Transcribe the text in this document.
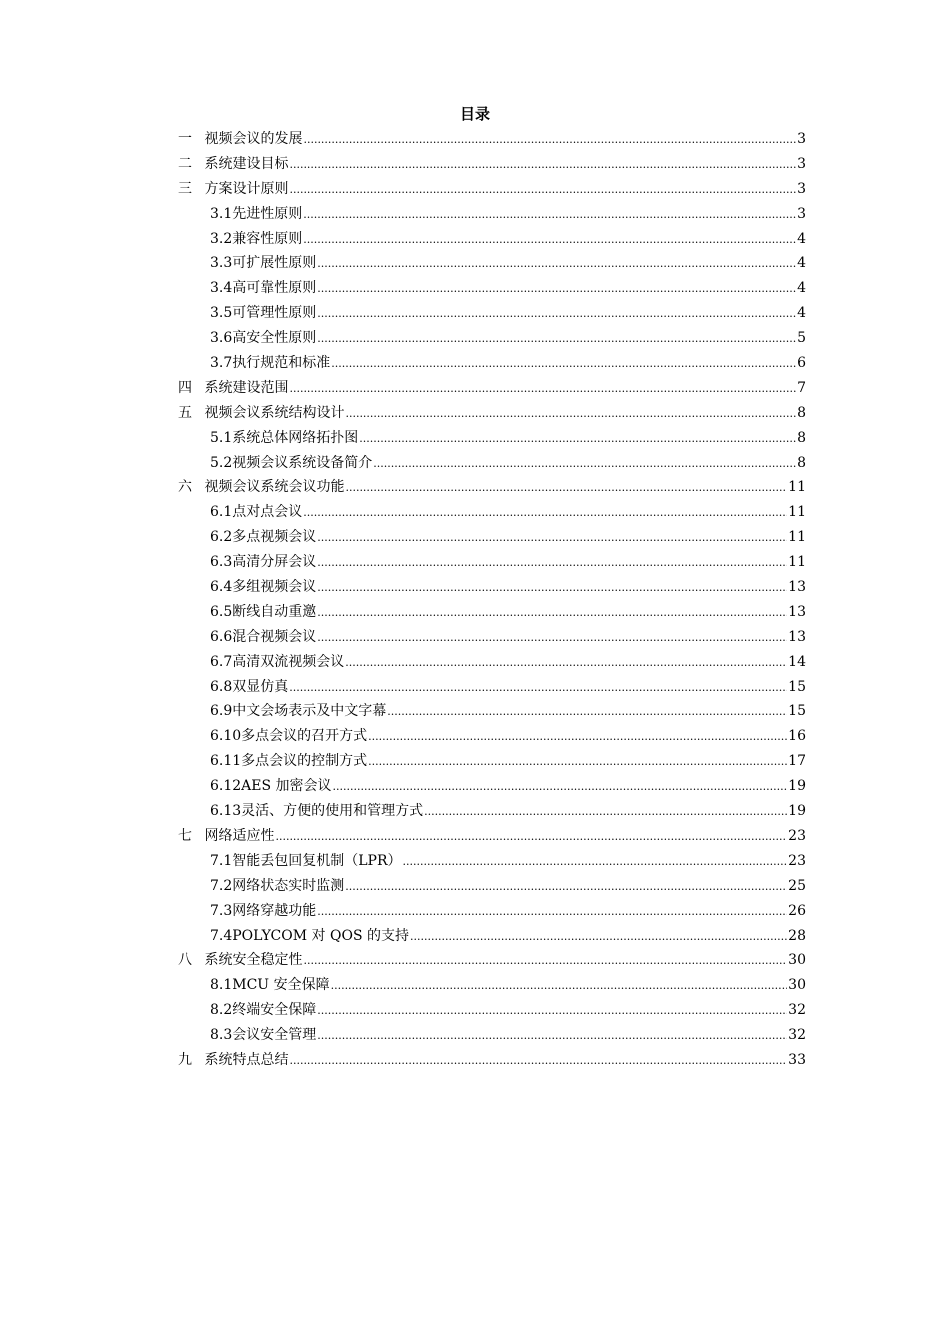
目录
一 视频会议的发展 .....	3
二 系统建设目标 .....	3
三 方案设计原则 .....	3
3.1先进性原则 .....	3
3.2兼容性原则 .....	4
3.3可扩展性原则 .....	4
3.4高可靠性原则 .....	4
3.5可管理性原则 .....	4
3.6高安全性原则 .....	5
3.7执行规范和标准 .....	6
四 系统建设范围 .....	7
五 视频会议系统结构设计 .....	8
5.1系统总体网络拓扑图 .....	8
5.2视频会议系统设备简介 .....	8
六 视频会议系统会议功能 .....	11
6.1点对点会议 .....	11
6.2多点视频会议 .....	11
6.3高清分屏会议 .....	11
6.4多组视频会议 .....	13
6.5断线自动重邀 .....	13
6.6混合视频会议 .....	13
6.7高清双流视频会议 .....	14
6.8双显仿真 .....	15
6.9中文会场表示及中文字幕 .....	15
6.10多点会议的召开方式 .....	16
6.11多点会议的控制方式 .....	17
6.12AES 加密会议 .....	19
6.13灵活、方便的使用和管理方式 .....	19
七 网络适应性 .....	23
7.1智能丢包回复机制（LPR） .....	23
7.2网络状态实时监测 .....	25
7.3网络穿越功能 .....	26
7.4POLYCOM 对 QOS 的支持 .....	28
八 系统安全稳定性 .....	30
8.1MCU 安全保障 .....	30
8.2终端安全保障 .....	32
8.3会议安全管理 .....	32
九 系统特点总结 .....	33
